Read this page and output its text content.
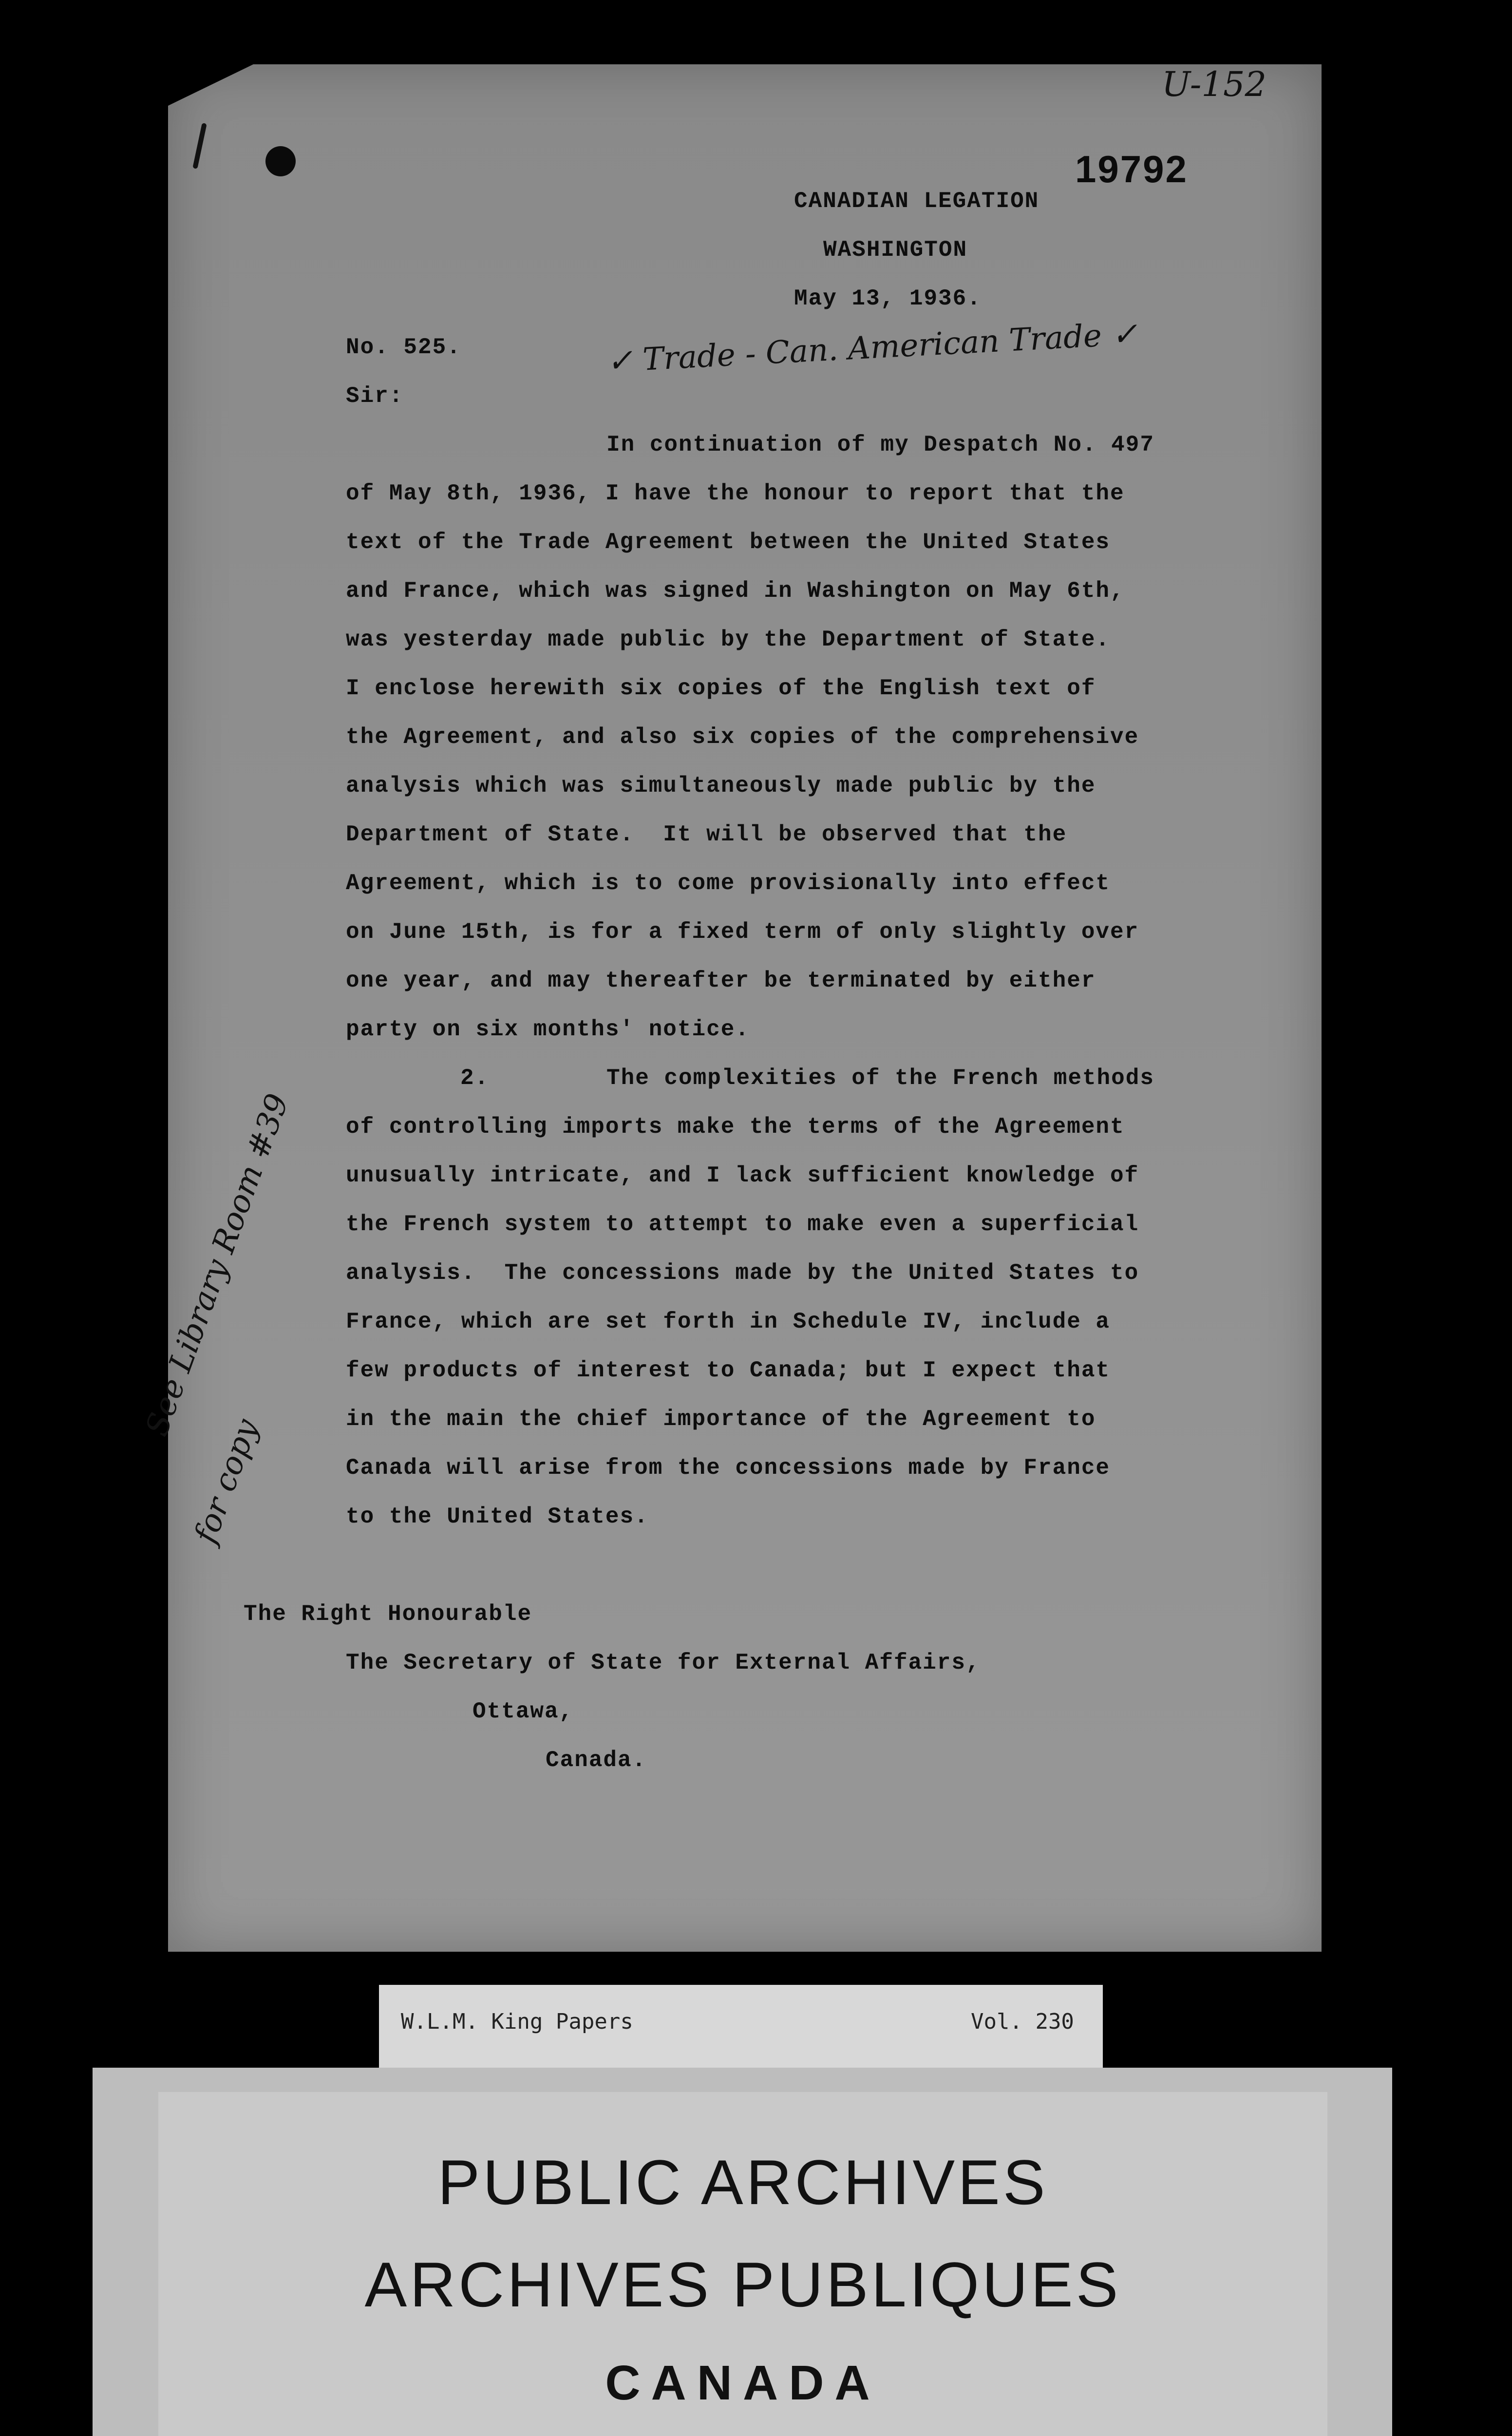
U-152
19792
CANADIAN LEGATION
WASHINGTON
May 13, 1936.
No. 525.	✓ Trade - Can. American Trade ✓
Sir:
In continuation of my Despatch No. 497
of May 8th, 1936, I have the honour to report that the
text of the Trade Agreement between the United States
and France, which was signed in Washington on May 6th,
was yesterday made public by the Department of State.
I enclose herewith six copies of the English text of
the Agreement, and also six copies of the comprehensive
analysis which was simultaneously made public by the
Department of State.  It will be observed that the
Agreement, which is to come provisionally into effect
on June 15th, is for a fixed term of only slightly over
one year, and may thereafter be terminated by either
party on six months' notice.
2.	The complexities of the French methods
of controlling imports make the terms of the Agreement
unusually intricate, and I lack sufficient knowledge of
the French system to attempt to make even a superficial
analysis.  The concessions made by the United States to
France, which are set forth in Schedule IV, include a
few products of interest to Canada; but I expect that
in the main the chief importance of the Agreement to
Canada will arise from the concessions made by France
to the United States.
See Library Room #39
for copy
The Right Honourable
The Secretary of State for External Affairs,
Ottawa,
Canada.
W.L.M. King Papers	Vol. 230
PUBLIC ARCHIVES
ARCHIVES PUBLIQUES
CANADA
